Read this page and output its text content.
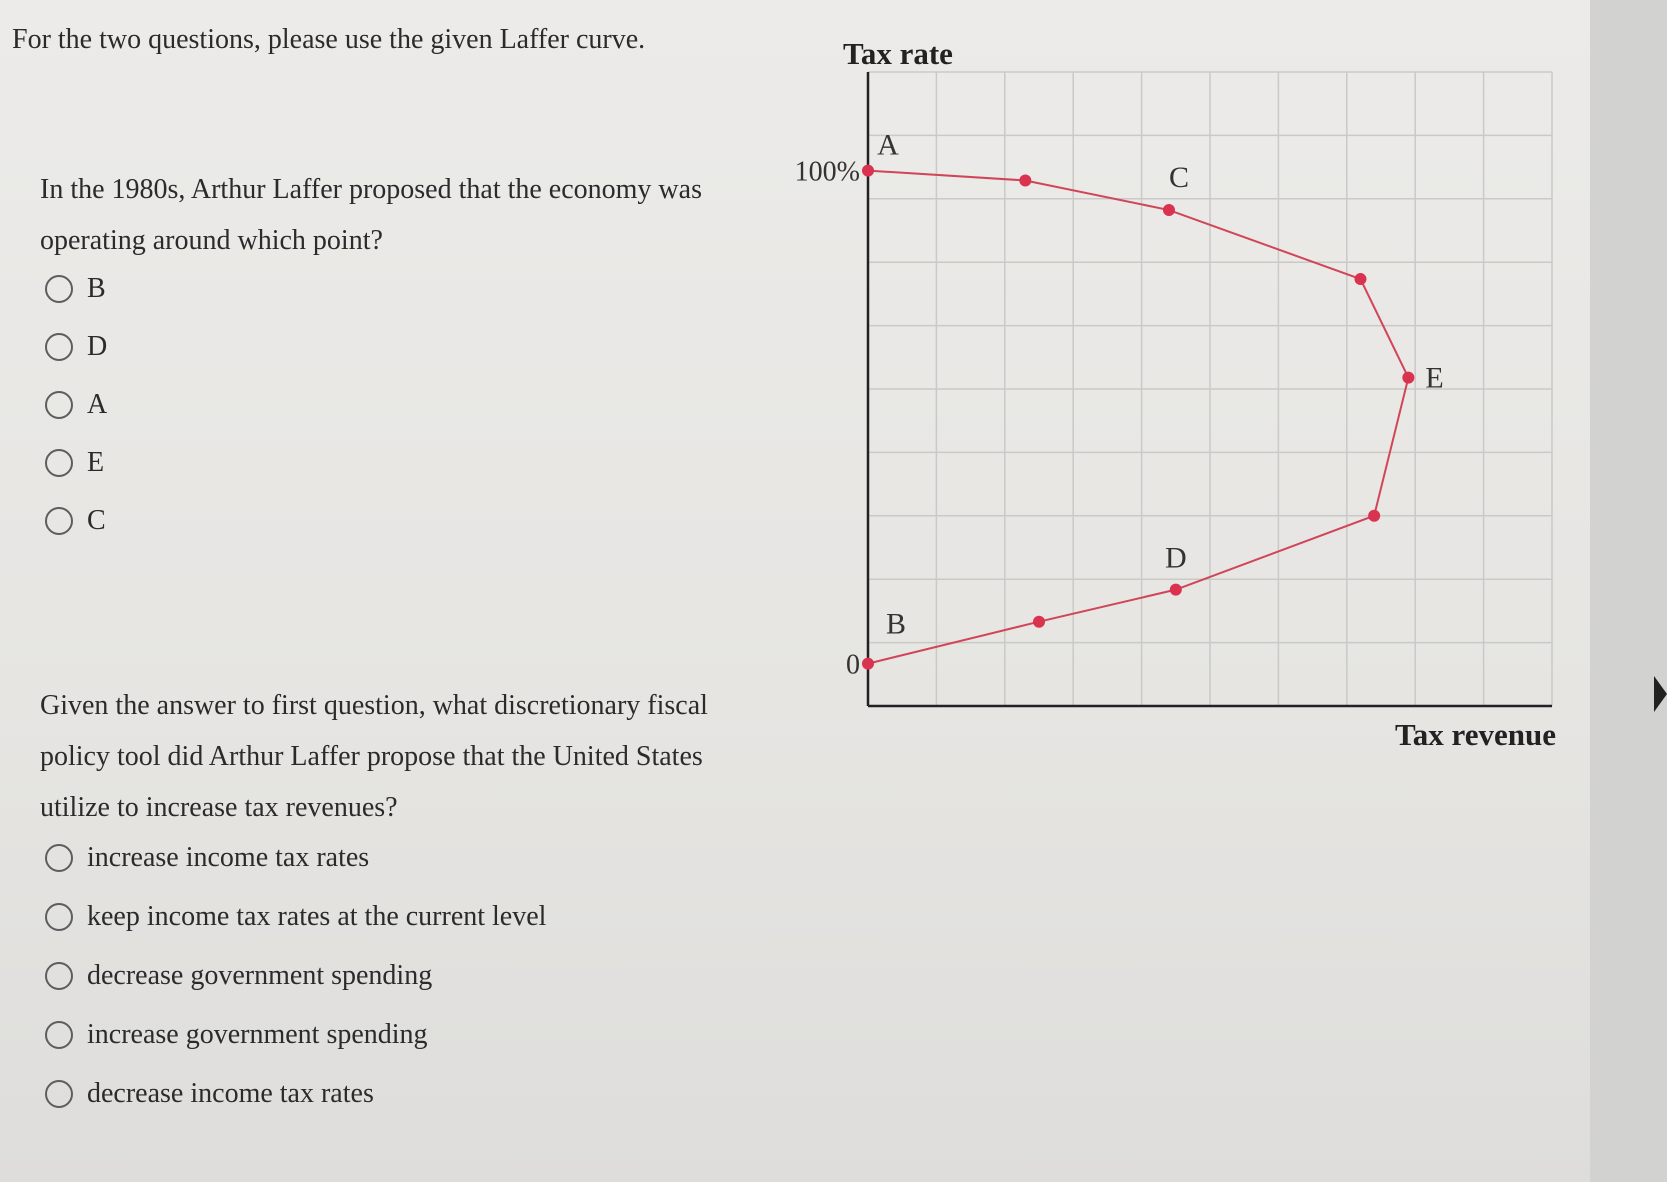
For the two questions, please use the given Laffer curve.

In the 1980s, Arthur Laffer proposed that the economy was operating around which point?

B
D
A
E
C

Given the answer to first question, what discretionary fiscal policy tool did Arthur Laffer propose that the United States utilize to increase tax revenues?

increase income tax rates
keep income tax rates at the current level
decrease government spending
increase government spending
decrease income tax rates
Tax rate
Tax revenue
0
100%
B
D
E
C
A
